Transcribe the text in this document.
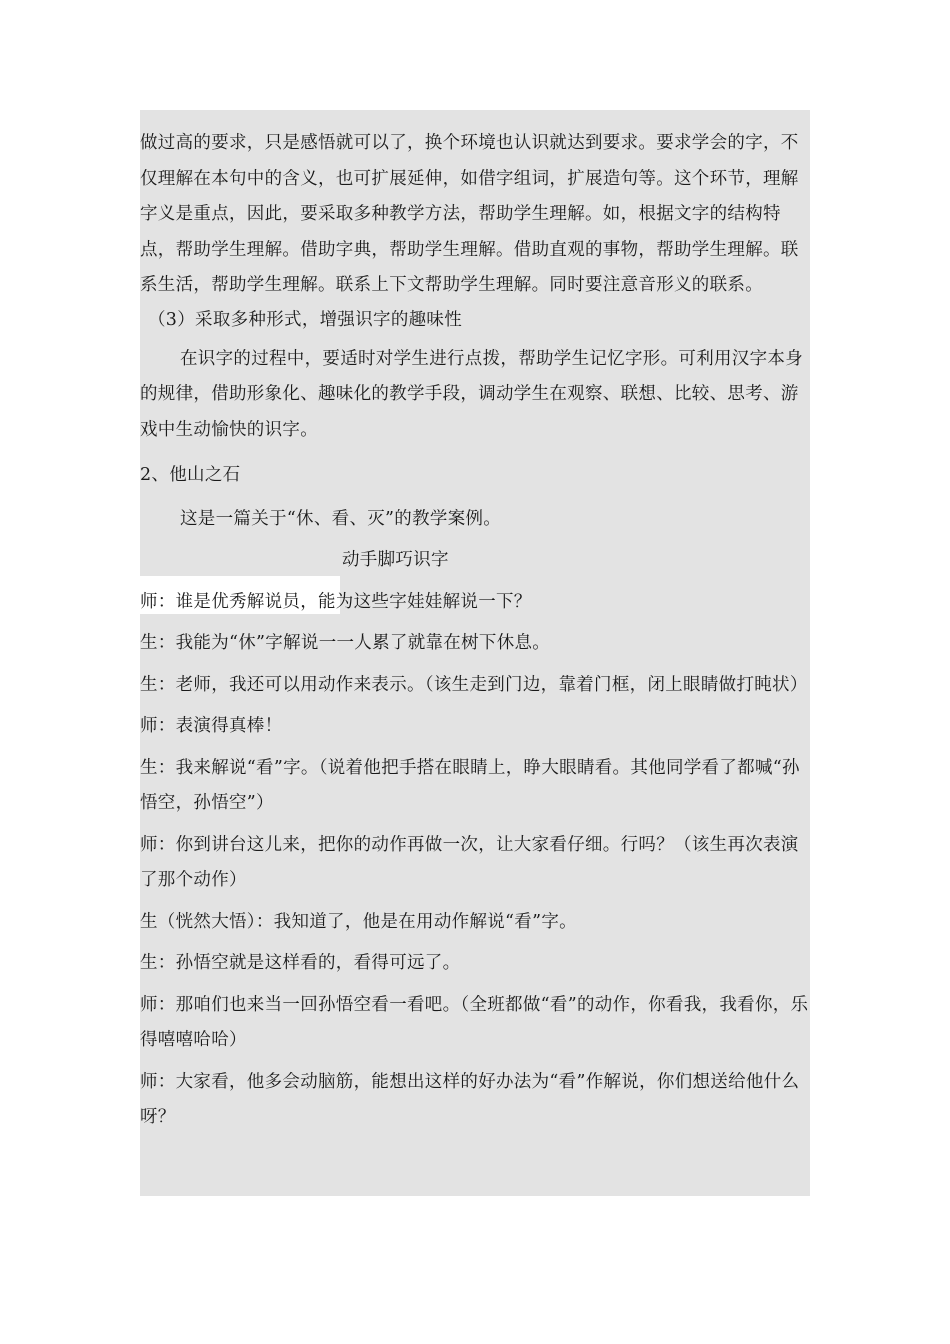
做过高的要求，只是感悟就可以了，换个环境也认识就达到要求。要求学会的字，不仅理解在本句中的含义，也可扩展延伸，如借字组词，扩展造句等。这个环节，理解字义是重点，因此，要采取多种教学方法，帮助学生理解。如，根据文字的结构特点，帮助学生理解。借助字典，帮助学生理解。借助直观的事物，帮助学生理解。联系生活，帮助学生理解。联系上下文帮助学生理解。同时要注意音形义的联系。

（3）采取多种形式，增强识字的趣味性

在识字的过程中，要适时对学生进行点拨，帮助学生记忆字形。可利用汉字本身的规律，借助形象化、趣味化的教学手段，调动学生在观察、联想、比较、思考、游戏中生动愉快的识字。

2、他山之石

这是一篇关于“休、看、灭”的教学案例。

动手脚巧识字

师：谁是优秀解说员，能为这些字娃娃解说一下？

生：我能为“休”字解说一一人累了就靠在树下休息。

生：老师，我还可以用动作来表示。（该生走到门边，靠着门框，闭上眼睛做打盹状）

师：表演得真棒！

生：我来解说“看”字。（说着他把手搭在眼睛上，睁大眼睛看。其他同学看了都喊“孙悟空，孙悟空”）

师：你到讲台这儿来，把你的动作再做一次，让大家看仔细。行吗？（该生再次表演了那个动作）

生（恍然大悟）：我知道了，他是在用动作解说“看”字。

生：孙悟空就是这样看的，看得可远了。

师：那咱们也来当一回孙悟空看一看吧。（全班都做“看”的动作，你看我，我看你，乐得嘻嘻哈哈）

师：大家看，他多会动脑筋，能想出这样的好办法为“看”作解说，你们想送给他什么呀？
